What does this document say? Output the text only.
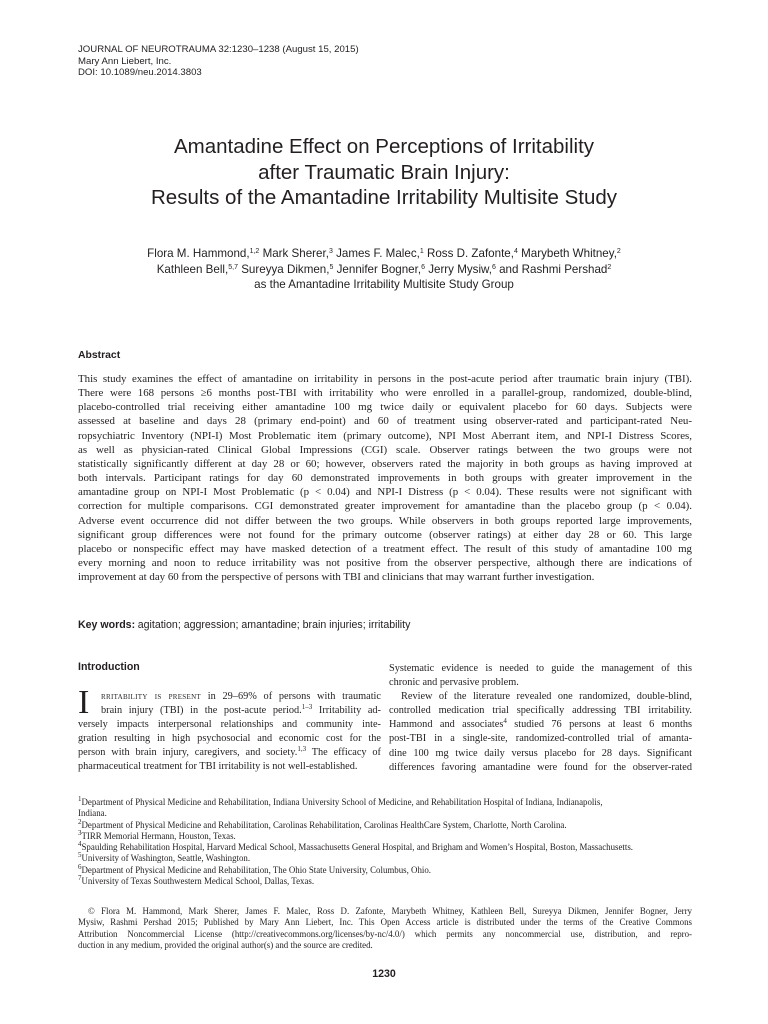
JOURNAL OF NEUROTRAUMA 32:1230–1238 (August 15, 2015)
Mary Ann Liebert, Inc.
DOI: 10.1089/neu.2014.3803
Amantadine Effect on Perceptions of Irritability
after Traumatic Brain Injury:
Results of the Amantadine Irritability Multisite Study
Flora M. Hammond,$^{1,2}$ Mark Sherer,$^3$ James F. Malec,$^1$ Ross D. Zafonte,$^4$ Marybeth Whitney,$^2$
Kathleen Bell,$^{5,7}$ Sureyya Dikmen,$^5$ Jennifer Bogner,$^6$ Jerry Mysiw,$^6$ and Rashmi Pershad$^2$
as the Amantadine Irritability Multisite Study Group
Abstract
This study examines the effect of amantadine on irritability in persons in the post-acute period after traumatic brain injury (TBI).
There were 168 persons ≥6 months post-TBI with irritability who were enrolled in a parallel-group, randomized, double-blind,
placebo-controlled trial receiving either amantadine 100 mg twice daily or equivalent placebo for 60 days. Subjects were
assessed at baseline and days 28 (primary end-point) and 60 of treatment using observer-rated and participant-rated Neu-
ropsychiatric Inventory (NPI-I) Most Problematic item (primary outcome), NPI Most Aberrant item, and NPI-I Distress Scores,
as well as physician-rated Clinical Global Impressions (CGI) scale. Observer ratings between the two groups were not
statistically significantly different at day 28 or 60; however, observers rated the majority in both groups as having improved at
both intervals. Participant ratings for day 60 demonstrated improvements in both groups with greater improvement in the
amantadine group on NPI-I Most Problematic (p < 0.04) and NPI-I Distress (p < 0.04). These results were not significant with
correction for multiple comparisons. CGI demonstrated greater improvement for amantadine than the placebo group (p < 0.04).
Adverse event occurrence did not differ between the two groups. While observers in both groups reported large improvements,
significant group differences were not found for the primary outcome (observer ratings) at either day 28 or 60. This large
placebo or nonspecific effect may have masked detection of a treatment effect. The result of this study of amantadine 100 mg
every morning and noon to reduce irritability was not positive from the observer perspective, although there are indications of
improvement at day 60 from the perspective of persons with TBI and clinicians that may warrant further investigation.
Key words: agitation; aggression; amantadine; brain injuries; irritability
Introduction
I	rritability is present in 29–69% of persons with traumatic
brain injury (TBI) in the post-acute period.$^{1-3}$ Irritability ad-
versely impacts interpersonal relationships and community inte-
gration resulting in high psychosocial and economic cost for the
person with brain injury, caregivers, and society.$^{1,3}$ The efficacy of
pharmaceutical treatment for TBI irritability is not well-established.
Systematic evidence is needed to guide the management of this
chronic and pervasive problem.
Review of the literature revealed one randomized, double-blind,
controlled medication trial specifically addressing TBI irritability.
Hammond and associates$^4$ studied 76 persons at least 6 months
post-TBI in a single-site, randomized-controlled trial of amanta-
dine 100 mg twice daily versus placebo for 28 days. Significant
differences favoring amantadine were found for the observer-rated
$^1$Department of Physical Medicine and Rehabilitation, Indiana University School of Medicine, and Rehabilitation Hospital of Indiana, Indianapolis,
Indiana.
$^2$Department of Physical Medicine and Rehabilitation, Carolinas Rehabilitation, Carolinas HealthCare System, Charlotte, North Carolina.
$^3$TIRR Memorial Hermann, Houston, Texas.
$^4$Spaulding Rehabilitation Hospital, Harvard Medical School, Massachusetts General Hospital, and Brigham and Women’s Hospital, Boston, Massachusetts.
$^5$University of Washington, Seattle, Washington.
$^6$Department of Physical Medicine and Rehabilitation, The Ohio State University, Columbus, Ohio.
$^7$University of Texas Southwestern Medical School, Dallas, Texas.
© Flora M. Hammond, Mark Sherer, James F. Malec, Ross D. Zafonte, Marybeth Whitney, Kathleen Bell, Sureyya Dikmen, Jennifer Bogner, Jerry
Mysiw, Rashmi Pershad 2015; Published by Mary Ann Liebert, Inc. This Open Access article is distributed under the terms of the Creative Commons
Attribution Noncommercial License (http://creativecommons.org/licenses/by-nc/4.0/) which permits any noncommercial use, distribution, and repro-
duction in any medium, provided the original author(s) and the source are credited.
1230
